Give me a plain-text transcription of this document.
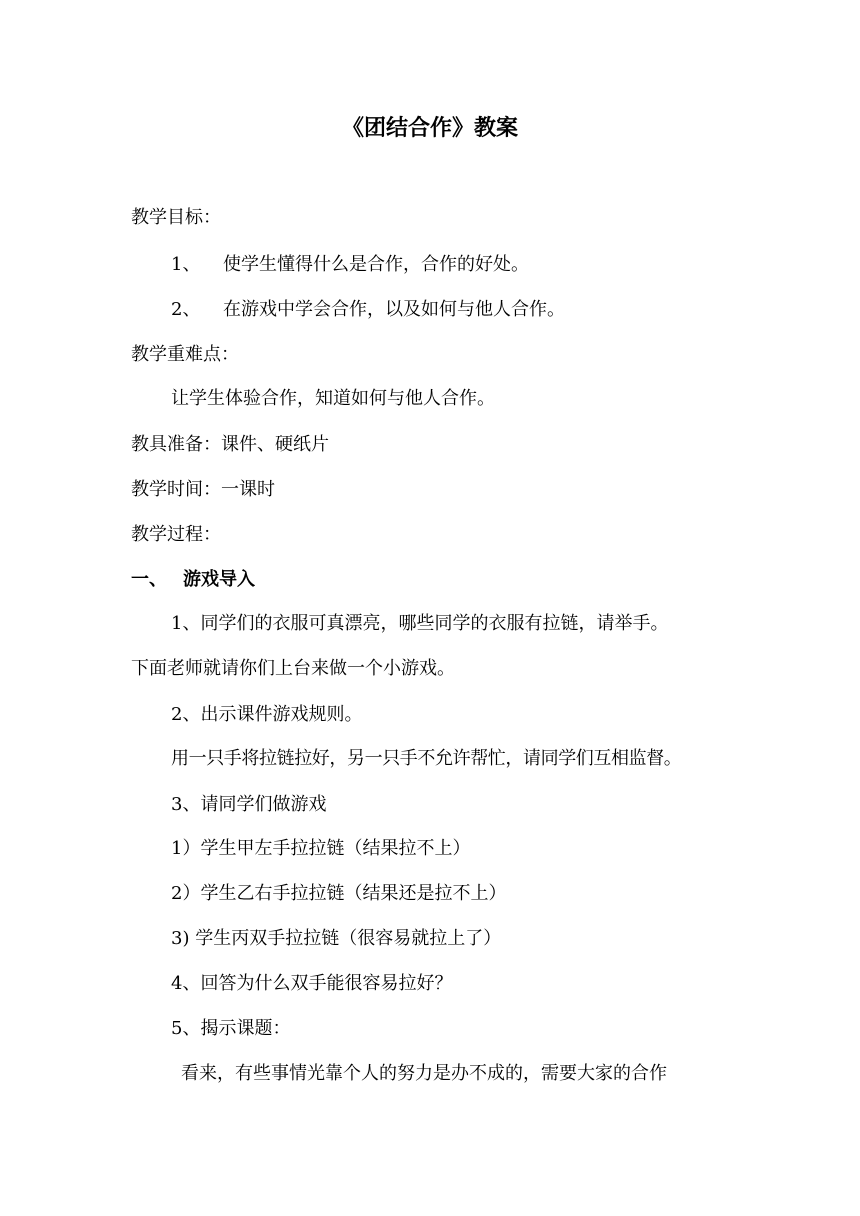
《团结合作》教案
教学目标：
1、 使学生懂得什么是合作，合作的好处。
2、 在游戏中学会合作，以及如何与他人合作。
教学重难点：
让学生体验合作，知道如何与他人合作。
教具准备：课件、硬纸片
教学时间：一课时
教学过程：
一、 游戏导入
1、同学们的衣服可真漂亮，哪些同学的衣服有拉链，请举手。
下面老师就请你们上台来做一个小游戏。
2、出示课件游戏规则。
用一只手将拉链拉好，另一只手不允许帮忙，请同学们互相监督。
3、请同学们做游戏
1）学生甲左手拉拉链（结果拉不上）
2）学生乙右手拉拉链（结果还是拉不上）
3) 学生丙双手拉拉链（很容易就拉上了）
4、回答为什么双手能很容易拉好？
5、揭示课题：
看来，有些事情光靠个人的努力是办不成的，需要大家的合作
